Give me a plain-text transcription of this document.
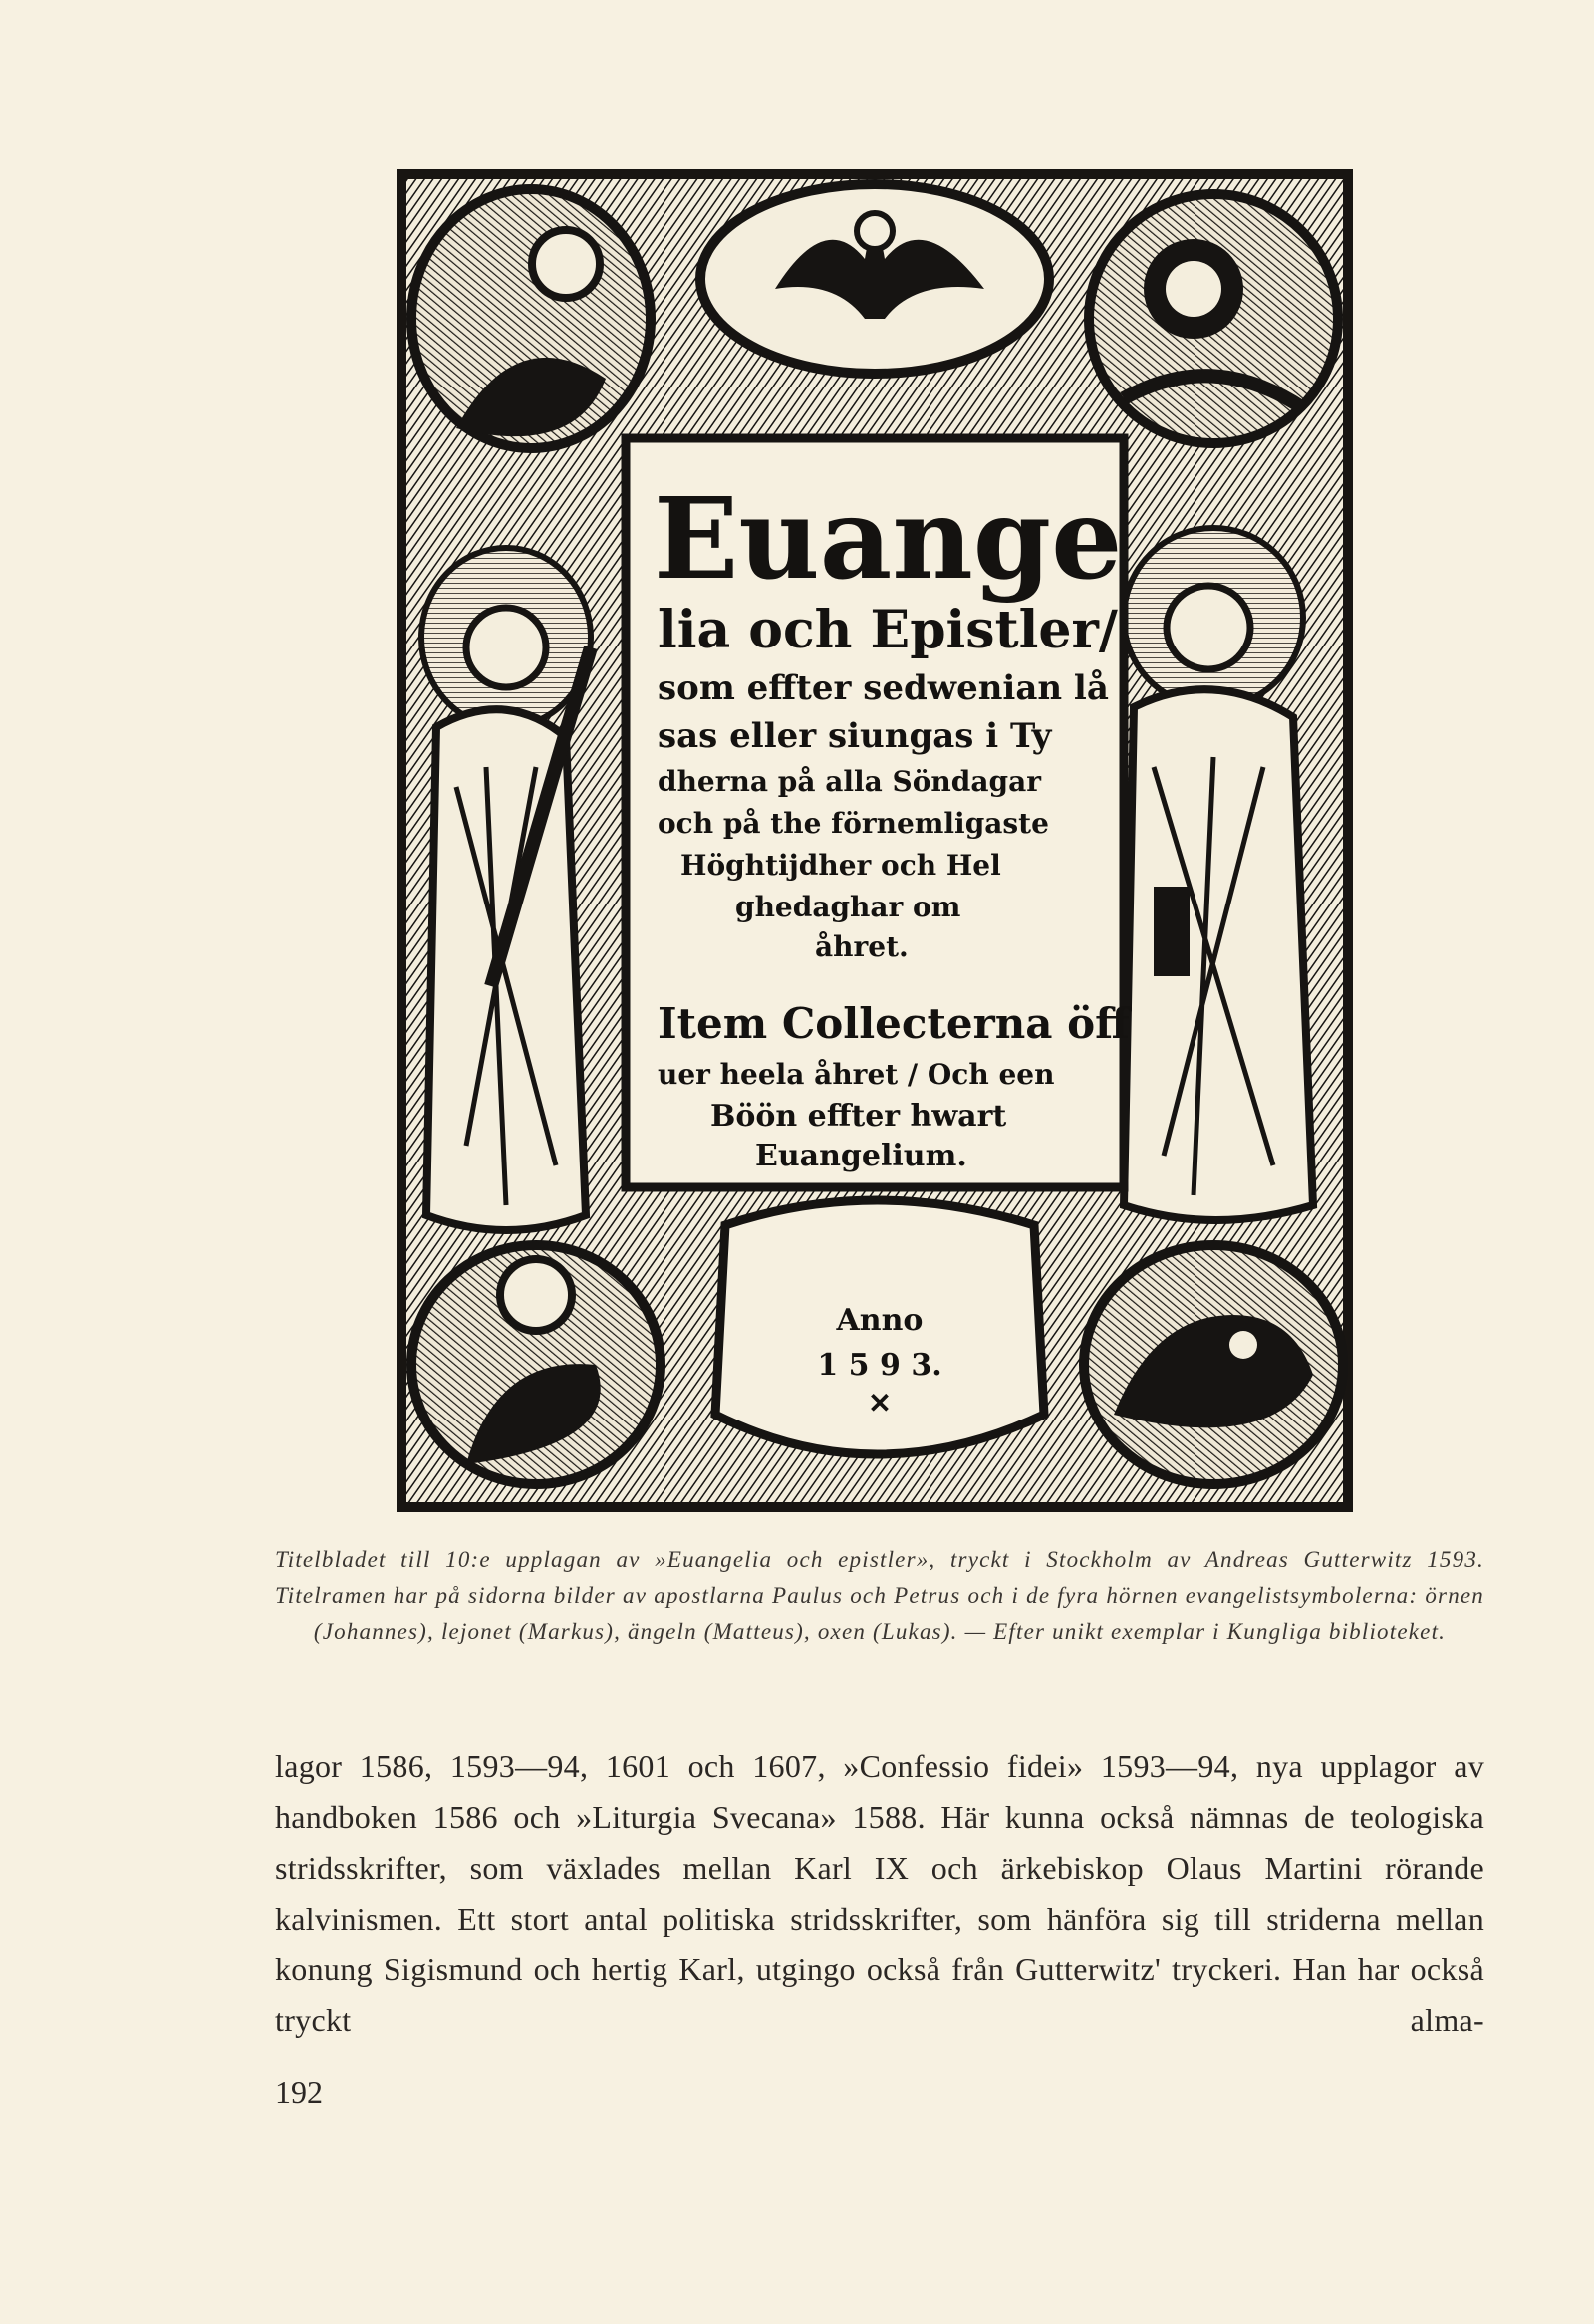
Euange
lia och Epistler/
som effter sedwenian lå
sas eller siungas i Ty
dherna på alla Söndagar
och på the förnemligaste
Höghtijdher och Hel
ghedaghar om
åhret.
Item Collecterna öff
uer heela åhret / Och een
Böön effter hwart
Euangelium.
Anno
1 5 9 3.
✕
Titelbladet till 10:e upplagan av »Euangelia och epistler», tryckt i Stockholm av Andreas Gutterwitz 1593. Titelramen har på sidorna bilder av apostlarna Paulus och Petrus och i de fyra hörnen evangelistsymbolerna: örnen (Johannes), lejonet (Markus), ängeln (Matteus), oxen (Lukas). — Efter unikt exemplar i Kungliga biblioteket.
lagor 1586, 1593—94, 1601 och 1607, »Confessio fidei» 1593—94, nya upplagor av handboken 1586 och »Liturgia Svecana» 1588. Här kunna också nämnas de teologiska stridsskrifter, som växlades mellan Karl IX och ärkebiskop Olaus Martini rörande kalvinismen. Ett stort antal politiska stridsskrifter, som hänföra sig till striderna mellan konung Sigismund och hertig Karl, utgingo också från Gutterwitz' tryckeri. Han har också tryckt alma-
192
